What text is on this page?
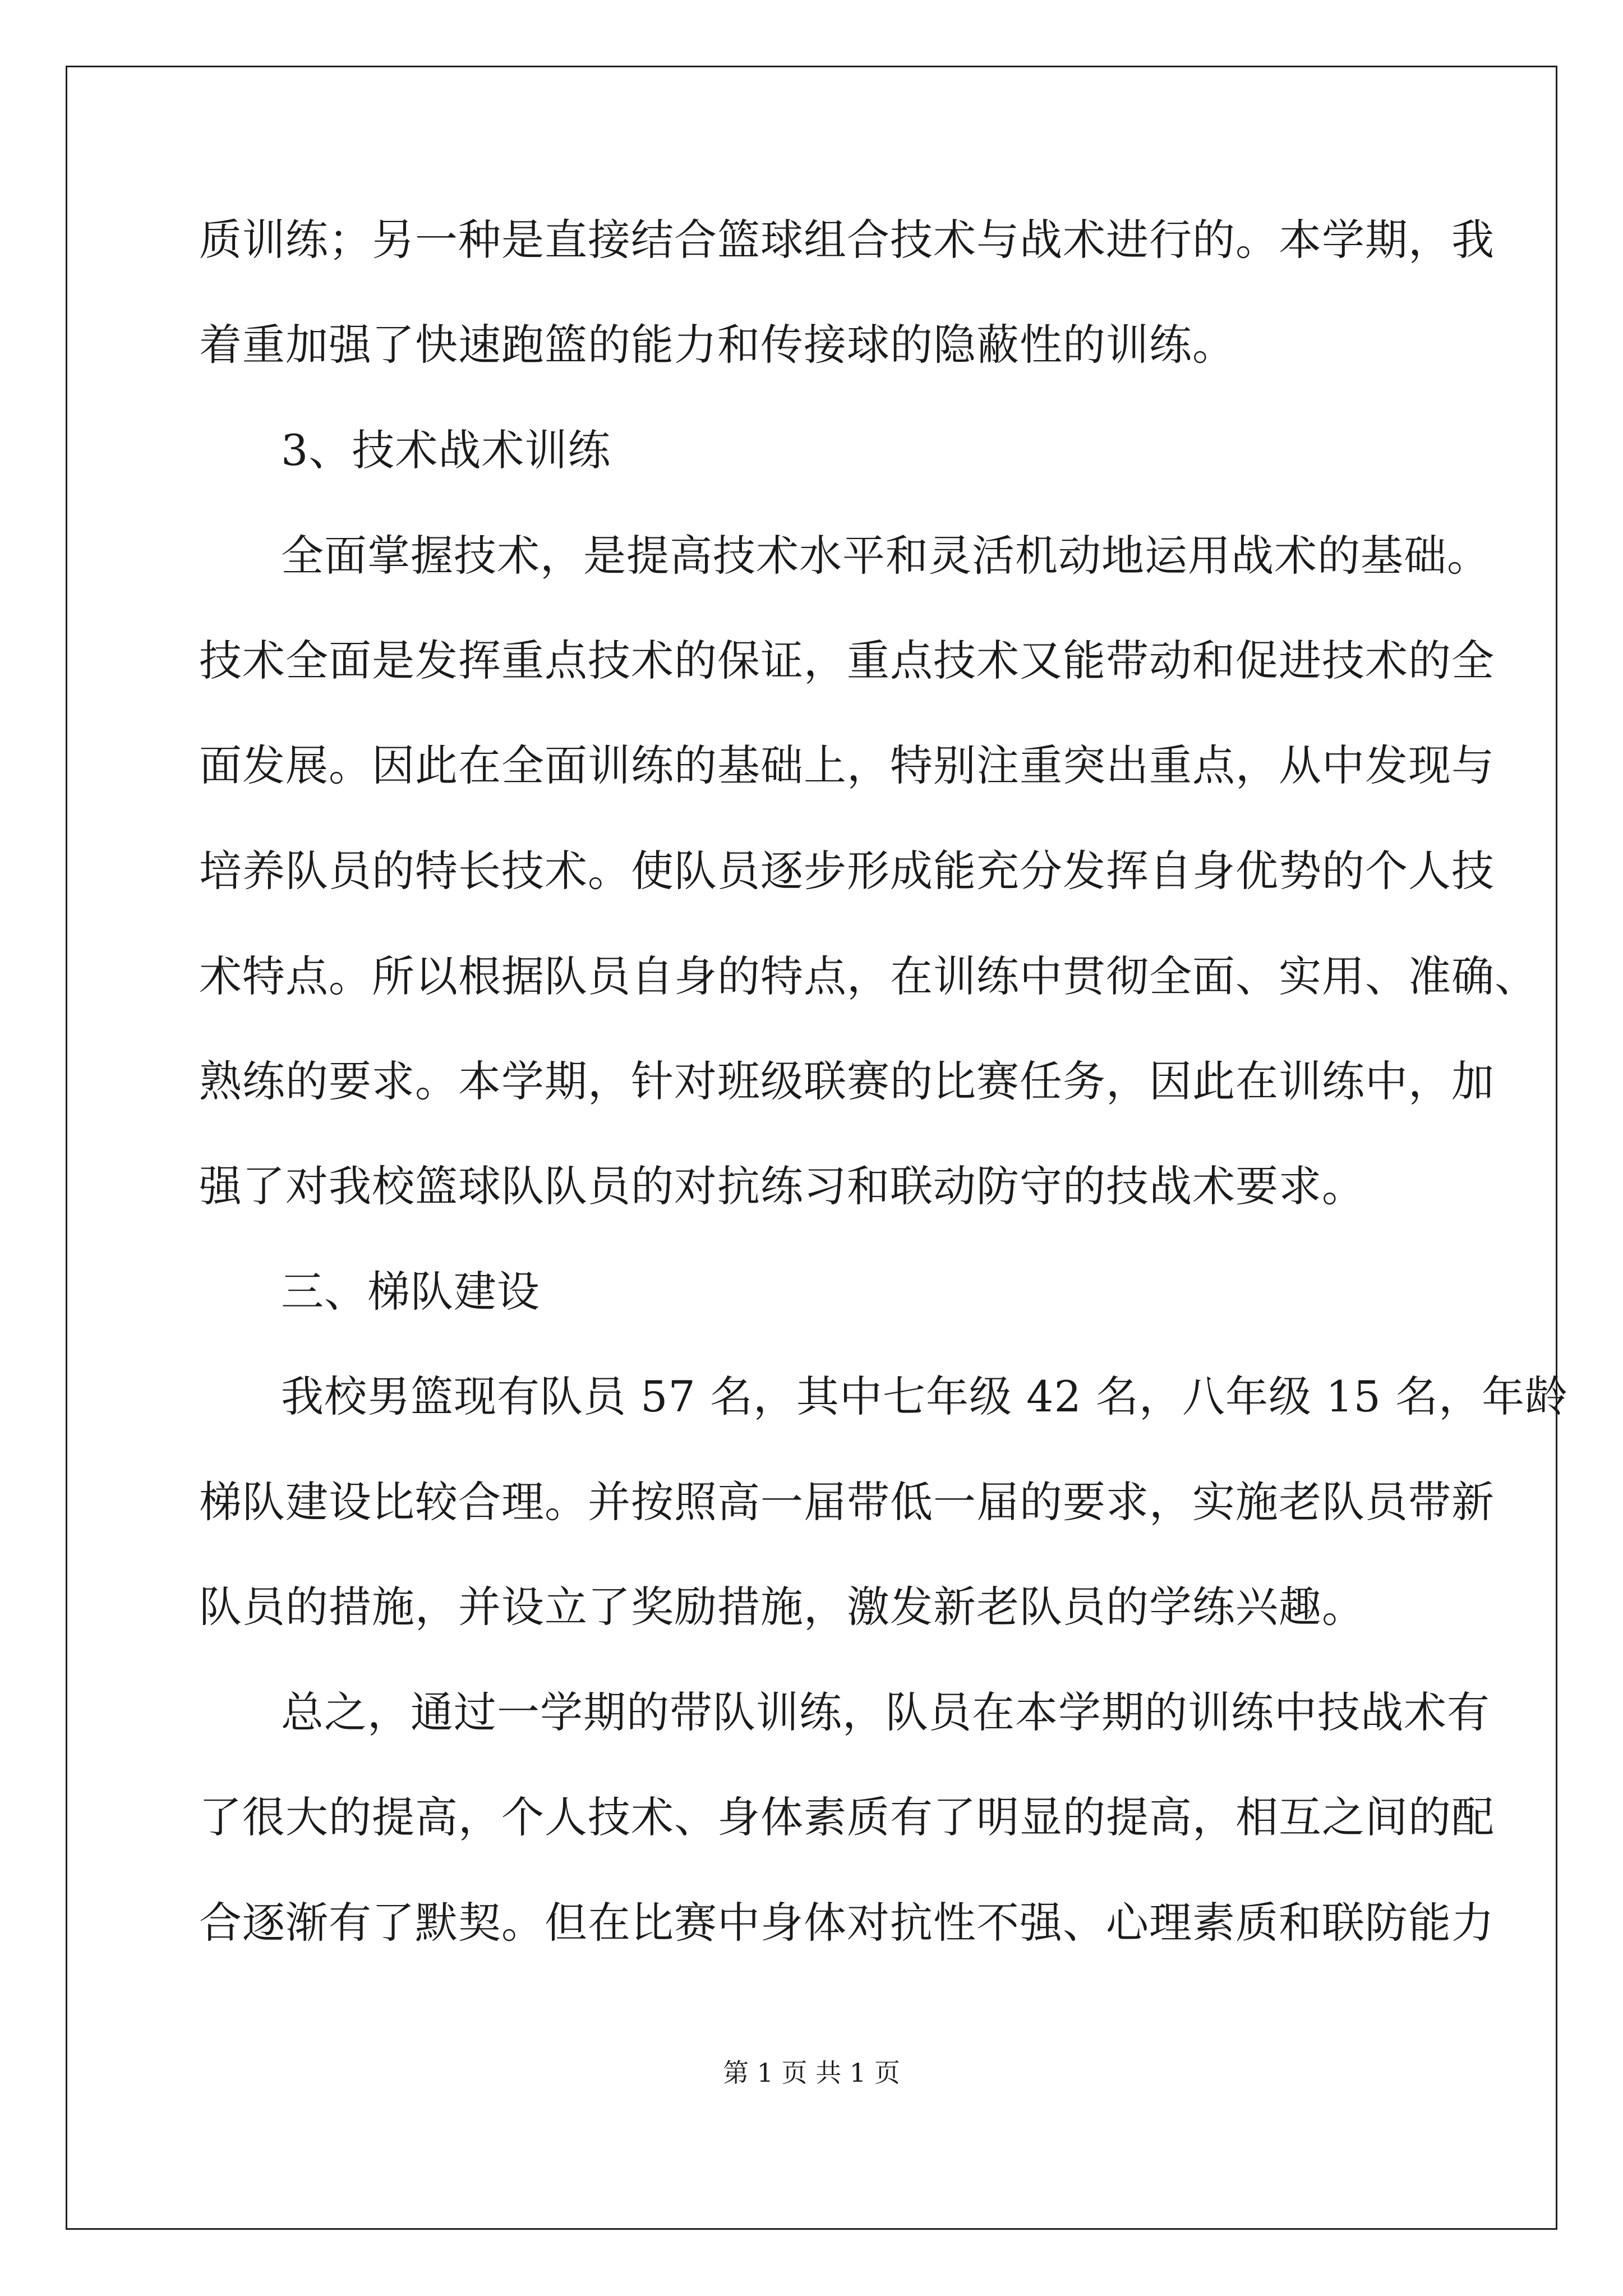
质训练；另一种是直接结合篮球组合技术与战术进行的。本学期，我
着重加强了快速跑篮的能力和传接球的隐蔽性的训练。
3、技术战术训练
全面掌握技术，是提高技术水平和灵活机动地运用战术的基础。
技术全面是发挥重点技术的保证，重点技术又能带动和促进技术的全
面发展。因此在全面训练的基础上，特别注重突出重点，从中发现与
培养队员的特长技术。使队员逐步形成能充分发挥自身优势的个人技
术特点。所以根据队员自身的特点，在训练中贯彻全面、实用、准确、
熟练的要求。本学期，针对班级联赛的比赛任务，因此在训练中，加
强了对我校篮球队队员的对抗练习和联动防守的技战术要求。
三、梯队建设
我校男篮现有队员 57 名，其中七年级 42 名，八年级 15 名，年龄
梯队建设比较合理。并按照高一届带低一届的要求，实施老队员带新
队员的措施，并设立了奖励措施，激发新老队员的学练兴趣。
总之，通过一学期的带队训练，队员在本学期的训练中技战术有
了很大的提高，个人技术、身体素质有了明显的提高，相互之间的配
合逐渐有了默契。但在比赛中身体对抗性不强、心理素质和联防能力
第 1 页 共 1 页
